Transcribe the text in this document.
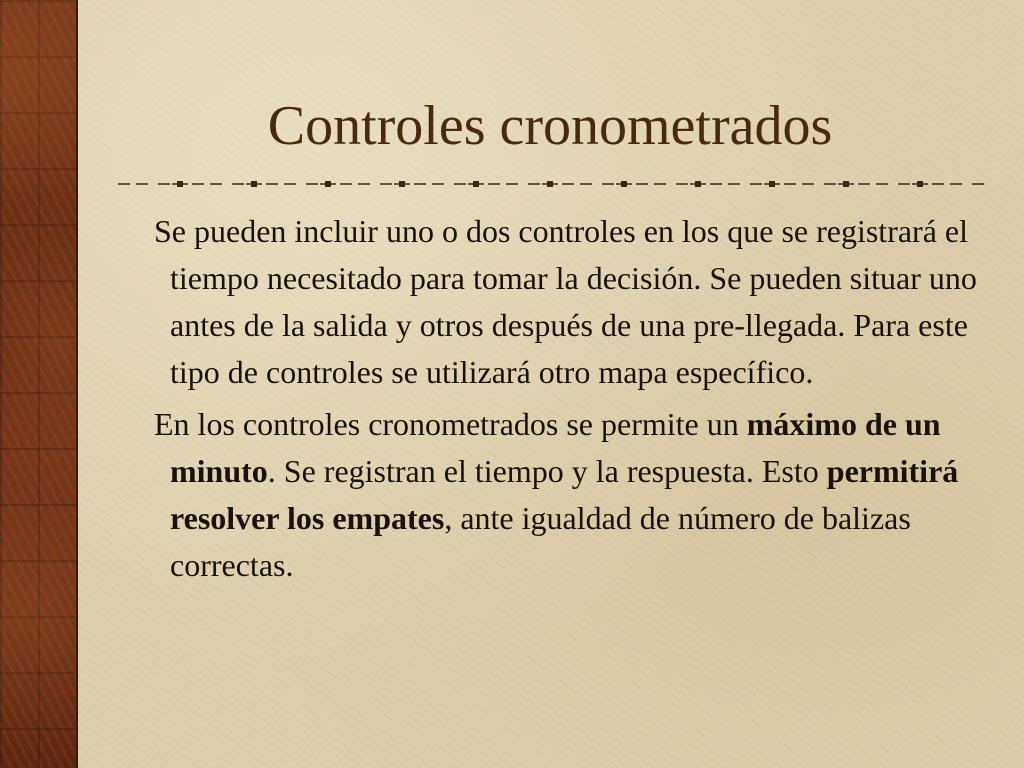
Controles cronometrados

Se pueden incluir uno o dos controles en los que se registrará el tiempo necesitado para tomar la decisión. Se pueden situar uno antes de la salida y otros después de una pre-llegada. Para este tipo de controles se utilizará otro mapa específico.

En los controles cronometrados se permite un máximo de un minuto. Se registran el tiempo y la respuesta. Esto permitirá resolver los empates, ante igualdad de número de balizas correctas.
